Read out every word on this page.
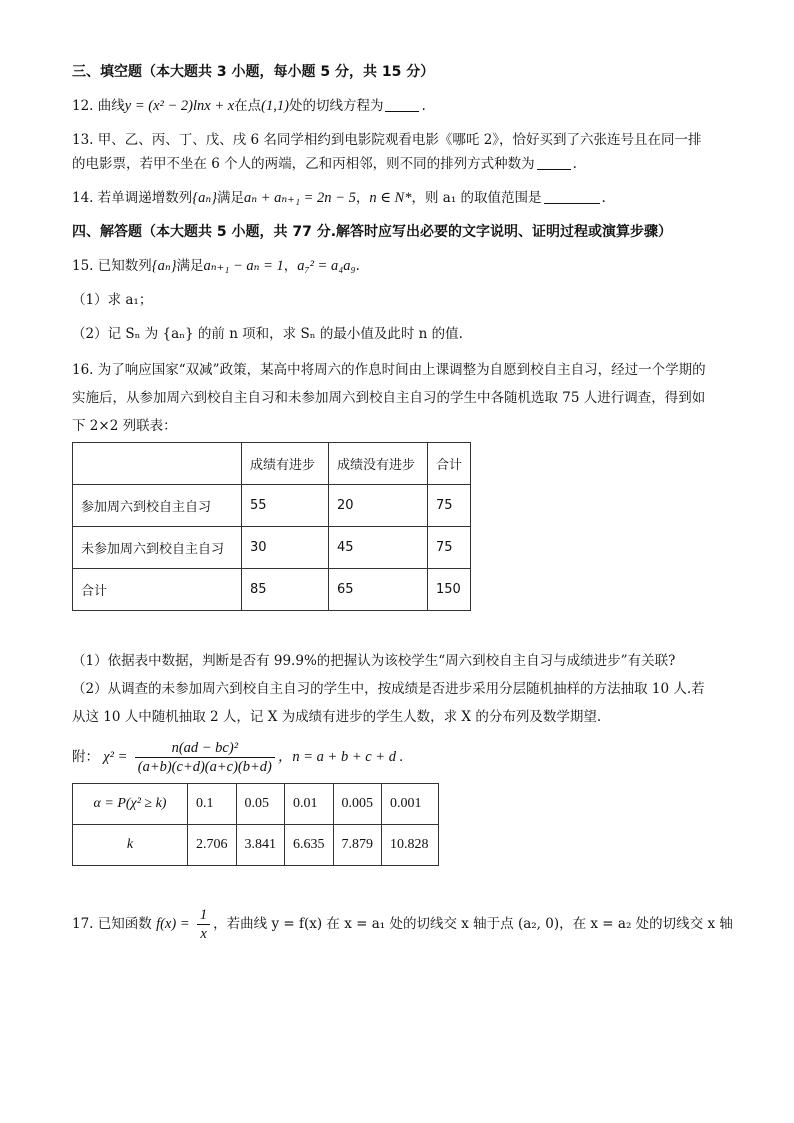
三、填空题（本大题共 3 小题，每小题 5 分，共 15 分）
12. 曲线y = (x² − 2)lnx + x在点(1,1)处的切线方程为	.
13. 甲、乙、丙、丁、戊、戌 6 名同学相约到电影院观看电影《哪吒 2》，恰好买到了六张连号且在同一排
的电影票，若甲不坐在 6 个人的两端，乙和丙相邻，则不同的排列方式种数为	.
14. 若单调递增数列{aₙ}满足aₙ + aₙ₊₁ = 2n − 5，n ∈ N*，则 a₁ 的取值范围是	.
四、解答题（本大题共 5 小题，共 77 分.解答时应写出必要的文字说明、证明过程或演算步骤）
15. 已知数列{aₙ}满足aₙ₊₁ − aₙ = 1，a₇² = a₄a₉.
（1）求 a₁；
（2）记 Sₙ 为 {aₙ} 的前 n 项和，求 Sₙ 的最小值及此时 n 的值.
16. 为了响应国家“双减”政策，某高中将周六的作息时间由上课调整为自愿到校自主自习，经过一个学期的
实施后，从参加周六到校自主自习和未参加周六到校自主自习的学生中各随机选取 75 人进行调查，得到如
下 2×2 列联表：
	成绩有进步	成绩没有进步	合计
参加周六到校自主自习	55	20	75
未参加周六到校自主自习	30	45	75
合计	85	65	150
（1）依据表中数据，判断是否有 99.9%的把握认为该校学生“周六到校自主自习与成绩进步”有关联?
（2）从调查的未参加周六到校自主自习的学生中，按成绩是否进步采用分层随机抽样的方法抽取 10 人.若
从这 10 人中随机抽取 2 人，记 X 为成绩有进步的学生人数，求 X 的分布列及数学期望.
附： $\chi^2 = \frac{\text{n(ad − bc)²}}{(a+b)(c+d)(a+c)(b+d)}$ ，n = a + b + c + d .
α = P(χ² ≥ k)	0.1	0.05	0.01	0.005	0.001
k	2.706	3.841	6.635	7.879	10.828
17. 已知函数 $f(x) = \frac{1}{x}$ ，若曲线 y = f(x) 在 x = a₁ 处的切线交 x 轴于点 (a₂, 0)，在 x = a₂ 处的切线交 x 轴
